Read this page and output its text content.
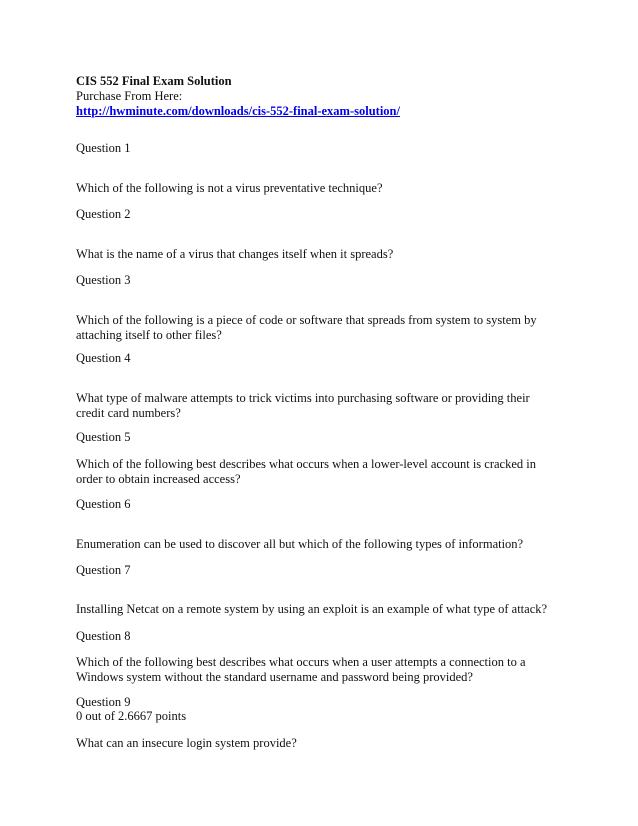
CIS 552 Final Exam Solution

Purchase From Here:

http://hwminute.com/downloads/cis-552-final-exam-solution/

Question 1

Which of the following is not a virus preventative technique?

Question 2

What is the name of a virus that changes itself when it spreads?

Question 3

Which of the following is a piece of code or software that spreads from system to system by attaching itself to other files?

Question 4

What type of malware attempts to trick victims into purchasing software or providing their credit card numbers?

Question 5

Which of the following best describes what occurs when a lower-level account is cracked in order to obtain increased access?

Question 6

Enumeration can be used to discover all but which of the following types of information?

Question 7

Installing Netcat on a remote system by using an exploit is an example of what type of attack?

Question 8

Which of the following best describes what occurs when a user attempts a connection to a Windows system without the standard username and password being provided?

Question 9

0 out of 2.6667 points

What can an insecure login system provide?
